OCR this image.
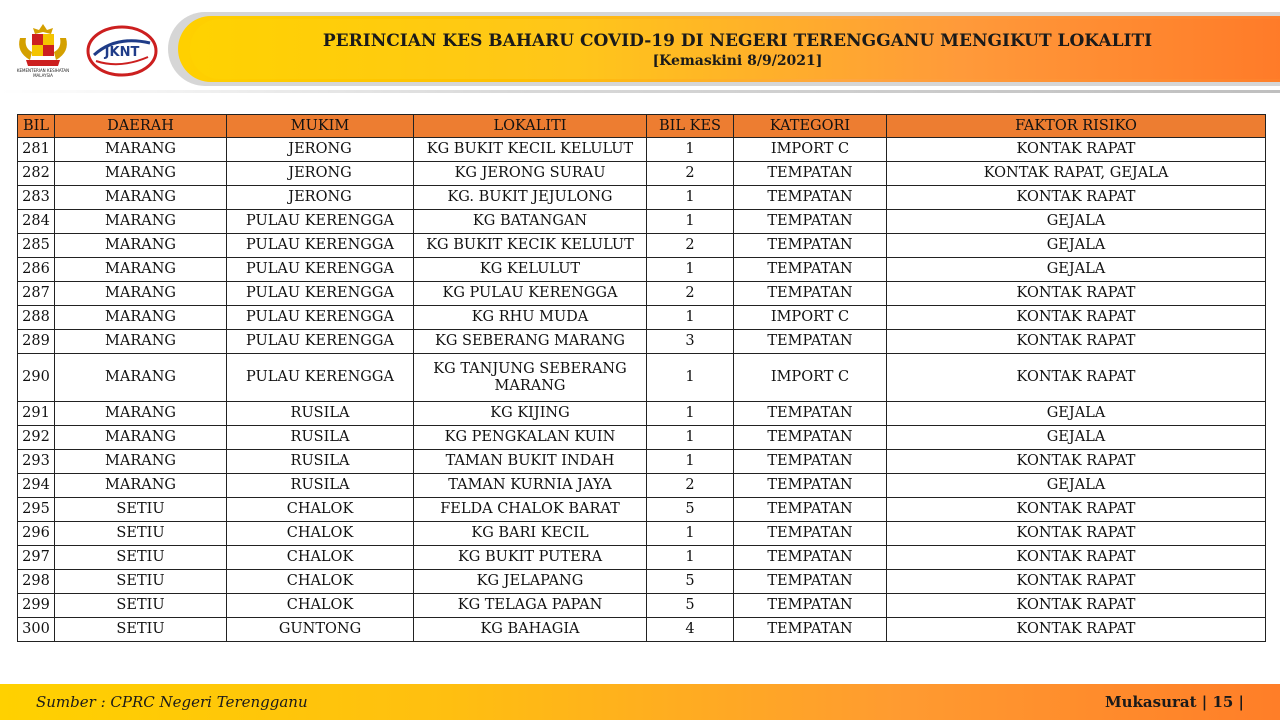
KEMENTERIAN KESIHATAN MALAYSIA
JKNT
PERINCIAN KES BAHARU COVID-19 DI NEGERI TERENGGANU MENGIKUT LOKALITI
[Kemaskini 8/9/2021]
BIL	DAERAH	MUKIM	LOKALITI	BIL KES	KATEGORI	FAKTOR RISIKO
281	MARANG	JERONG	KG BUKIT KECIL KELULUT	1	IMPORT C	KONTAK RAPAT
282	MARANG	JERONG	KG JERONG SURAU	2	TEMPATAN	KONTAK RAPAT, GEJALA
283	MARANG	JERONG	KG. BUKIT JEJULONG	1	TEMPATAN	KONTAK RAPAT
284	MARANG	PULAU KERENGGA	KG BATANGAN	1	TEMPATAN	GEJALA
285	MARANG	PULAU KERENGGA	KG BUKIT KECIK KELULUT	2	TEMPATAN	GEJALA
286	MARANG	PULAU KERENGGA	KG KELULUT	1	TEMPATAN	GEJALA
287	MARANG	PULAU KERENGGA	KG PULAU KERENGGA	2	TEMPATAN	KONTAK RAPAT
288	MARANG	PULAU KERENGGA	KG RHU MUDA	1	IMPORT C	KONTAK RAPAT
289	MARANG	PULAU KERENGGA	KG SEBERANG MARANG	3	TEMPATAN	KONTAK RAPAT
290	MARANG	PULAU KERENGGA	KG TANJUNG SEBERANG MARANG	1	IMPORT C	KONTAK RAPAT
291	MARANG	RUSILA	KG KIJING	1	TEMPATAN	GEJALA
292	MARANG	RUSILA	KG PENGKALAN KUIN	1	TEMPATAN	GEJALA
293	MARANG	RUSILA	TAMAN BUKIT INDAH	1	TEMPATAN	KONTAK RAPAT
294	MARANG	RUSILA	TAMAN KURNIA JAYA	2	TEMPATAN	GEJALA
295	SETIU	CHALOK	FELDA CHALOK BARAT	5	TEMPATAN	KONTAK RAPAT
296	SETIU	CHALOK	KG BARI KECIL	1	TEMPATAN	KONTAK RAPAT
297	SETIU	CHALOK	KG BUKIT PUTERA	1	TEMPATAN	KONTAK RAPAT
298	SETIU	CHALOK	KG JELAPANG	5	TEMPATAN	KONTAK RAPAT
299	SETIU	CHALOK	KG TELAGA PAPAN	5	TEMPATAN	KONTAK RAPAT
300	SETIU	GUNTONG	KG BAHAGIA	4	TEMPATAN	KONTAK RAPAT
Sumber : CPRC Negeri Terengganu	Mukasurat | 15 |
